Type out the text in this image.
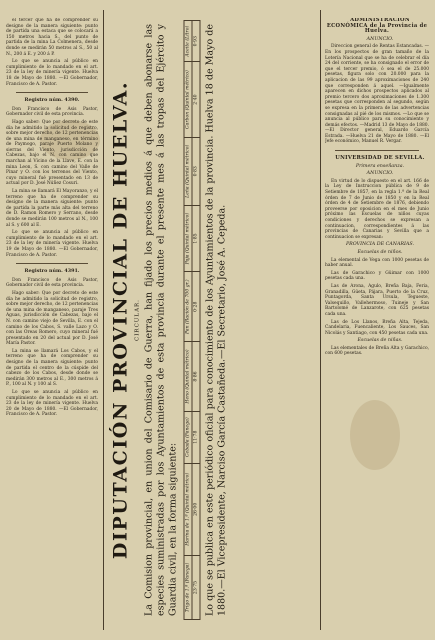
el tercer que ha de comprender su designo de la manera siguiente: punto de partida una estaca que se colocará a 150 metros hacia S., del punto de partida de la mina La Colmenera, desde donde se medirán 50 metros al S., 50 al N., 200 á E. y 200 á P.

Lo que se anuncia al público en cumplimiento de lo mandado en el art. 23 de la ley de minería vigente. Huelva 18 de Mayo de 1880. —El Gobernador, Francisco de A. Pastor.

Registro núm. 4390.

Don Francisco de Asis Pastor, Gobernador civil de esta provincia.

Hago saber: Que por decreto de este día he admitido la solicitud de registro, sobre mejor derecho, de 12 pertenencias de una mina de manganeso, en término de Paymogo, paraje Puerto Molano y sierras del Viento, jurisdicción de Cabezas, bajo el N. con camino que marchan al Vicino de la Llave, E. con la mina Leon, S. con camino del Valle de Pinar y O. con los terrenos del Viento, cuyo mineral fué presentado en 13 de actual por D. José Núñez Cosuri.

La mina se llamará El Mayoranzo, y el terreno que ha de comprender su designo de la manera siguiente: punto de partida la parte más alta del terreno de D. Ramon Romero y Serrano, desde donde se medirán 100 metros al N., 100 al S. y 600 al E.

Lo que se anuncia al público en cumplimiento de lo mandado en el art. 23 de la ley de minería vigente. Huelva 19 de Mayo de 1880. —El Gobernador, Francisco de A. Pastor.

Registro núm. 4391.

Don Francisco de Asis Pastor, Gobernador civil de esta provincia.

Hago saber: Que por decreto de este día he admitido la solicitud de registro, sobre mejor derecho, de 12 pertenencias de una mina de manganeso, paraje Tres Aguas, jurisdicción de Cabezas, bajo el N. con camino viejo de Sevilla, E. con el camino de los Cabos, S. valle Lazo y O. con las Oreas Romero, cuyo mineral fué presentado en 20 del actual por D. José María Pastor.

La mina se llamará Los Cabos, y el terreno que ha de comprender su designo de la manera siguiente: punto de partida el centro de la cúspide del cabezo de los Cabos, desde donde se medirán 300 metros al E., 300 metros á P., 100 al N. y 100 al S.

Lo que se anuncia al público en cumplimiento de lo mandado en el art. 23 de la ley de minería vigente. Huelva 20 de Mayo de 1880. —El Gobernador, Francisco de A. Pastor.	DIPUTACIÓN PROVINCIAL DE HUELVA. CIRCULAR. La Comision provincial, en union del Comisario de Guerra, han fijado los precios medios á que deben abonarse las especies suministradas por los Ayuntamientos de esta provincia durante el presente mes á las tropas del Ejército y Guardia civil, en la forma siguiente: Trigo de 1.ª (Fanega)	Harina de 1.ª (Quintal métrico)	Cebada (Fanega)	Heno (Quintal métrico)	Pan (Ración de 700 gr.)	Paja (Quintal métrico)	Leña (Quintal métrico)	Carbon (Quintal métrico)	Aceite (Litro)
23·75	26·00	11·78	8·86	0·28	1·85	0·83	2·40	0·93 Lo que se publica en este periódico oficial para conocimiento de los Ayuntamientos de la provincia. Huelva 18 de Mayo de 1880.—El Vicepresidente, Narciso García Castañeda.—El Secretario, José A. Cepeda.

ADMINISTRACION ECONÓMICA de la Provincia de Huelva.

ANUNCIO.

Direccion general de Rentas Estancadas. —En los prospectos de gran tamaño de la Lotería Nacional que se ha de celebrar el día 24 del corriente, se ha consignado el error de que el tercer premio, ó sea el de 25.000 pesetas, figura solo con 20.000 para la aplicacion de las 99 aproximaciones de 240 que corresponden á aquel. —Igualmente aparecen en dichos prospectos aplicados al premio tercero dos aproximaciones de 1.300 pesetas que corresponden al segundo, según se expresa en la primera de las advertencias consignadas al pié de los mismos. —Lo que se anuncia al público para su conocimiento y demás efectos. —Madrid 13 de Mayo de 1880. —El Director general, Eduardo García Estrada. —Huelva 21 de Mayo de 1880. —El Jefe económico, Manuel R. Vergar.

UNIVERSIDAD DE SEVILLA.

Primera enseñanza.

ANUNCIO.

En virtud de lo dispuesto en el art. 166 de la Ley de Instruccion pública de 9 de Setiembre de 1857, en la regla 1.ª de la Real órden de 7 de Junio de 1850 y en la Real órden de 4 de Setiembre de 1876, debiendo proveerse por oposicion en el mes de Junio próximo las Escuelas de niños cuyas condiciones y derechos se expresan a continuacion, correspondientes á las provincias de Canarias y Sevilla que a continuacion se expresan:

PROVINCIA DE CANARIAS.

Escuelas de niños.

La elemental de Vega con 1000 pesetas de haber anual.

Las de Garachico y Güimar con 1000 pesetas cada una.

Las de Arona, Agulo, Breña Baja, Feria, Granadilla, Güeta, Pájara, Puerto de la Cruz, Puntagorda, Santa Ursula, Tegueste, Valsequillo, Vallehermoso, Tuineje y San Bartolomé de Lanzarote, con 625 pesetas cada una.

Las de Los Llanos, Breña Alta, Tejeda, Candelaria, Fuencaliente, Los Sauces, San Nicolás y Santiago, con 450 pesetas cada una.

Escuelas de niñas.

Las elementales de Breña Alta y Garachico, con 600 pesetas.
